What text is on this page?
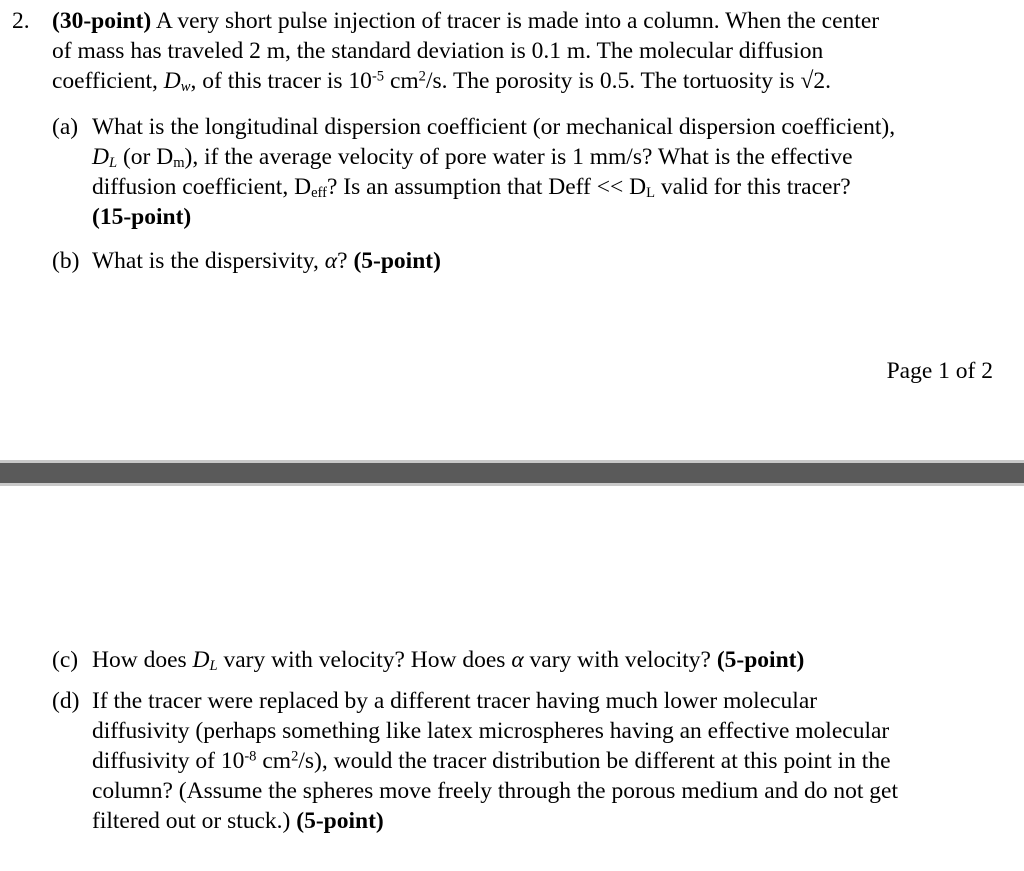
2. (30-point) A very short pulse injection of tracer is made into a column. When the center
of mass has traveled 2 m, the standard deviation is 0.1 m. The molecular diffusion
coefficient, $D_w$, of this tracer is $10^{-5}$ $cm^2/s$. The porosity is 0.5. The tortuosity is √2.
(a) What is the longitudinal dispersion coefficient (or mechanical dispersion coefficient),
$D_L$ (or $D_m$), if the average velocity of pore water is 1 mm/s? What is the effective
diffusion coefficient, $D_{eff}$? Is an assumption that Deff << $D_L$ valid for this tracer?
(15-point)
(b) What is the dispersivity, α? (5-point)
Page 1 of 2
(c) How does $D_L$ vary with velocity? How does α vary with velocity? (5-point)
(d) If the tracer were replaced by a different tracer having much lower molecular
diffusivity (perhaps something like latex microspheres having an effective molecular
diffusivity of $10^{-8}$ $cm^2/s$), would the tracer distribution be different at this point in the
column? (Assume the spheres move freely through the porous medium and do not get
filtered out or stuck.) (5-point)
